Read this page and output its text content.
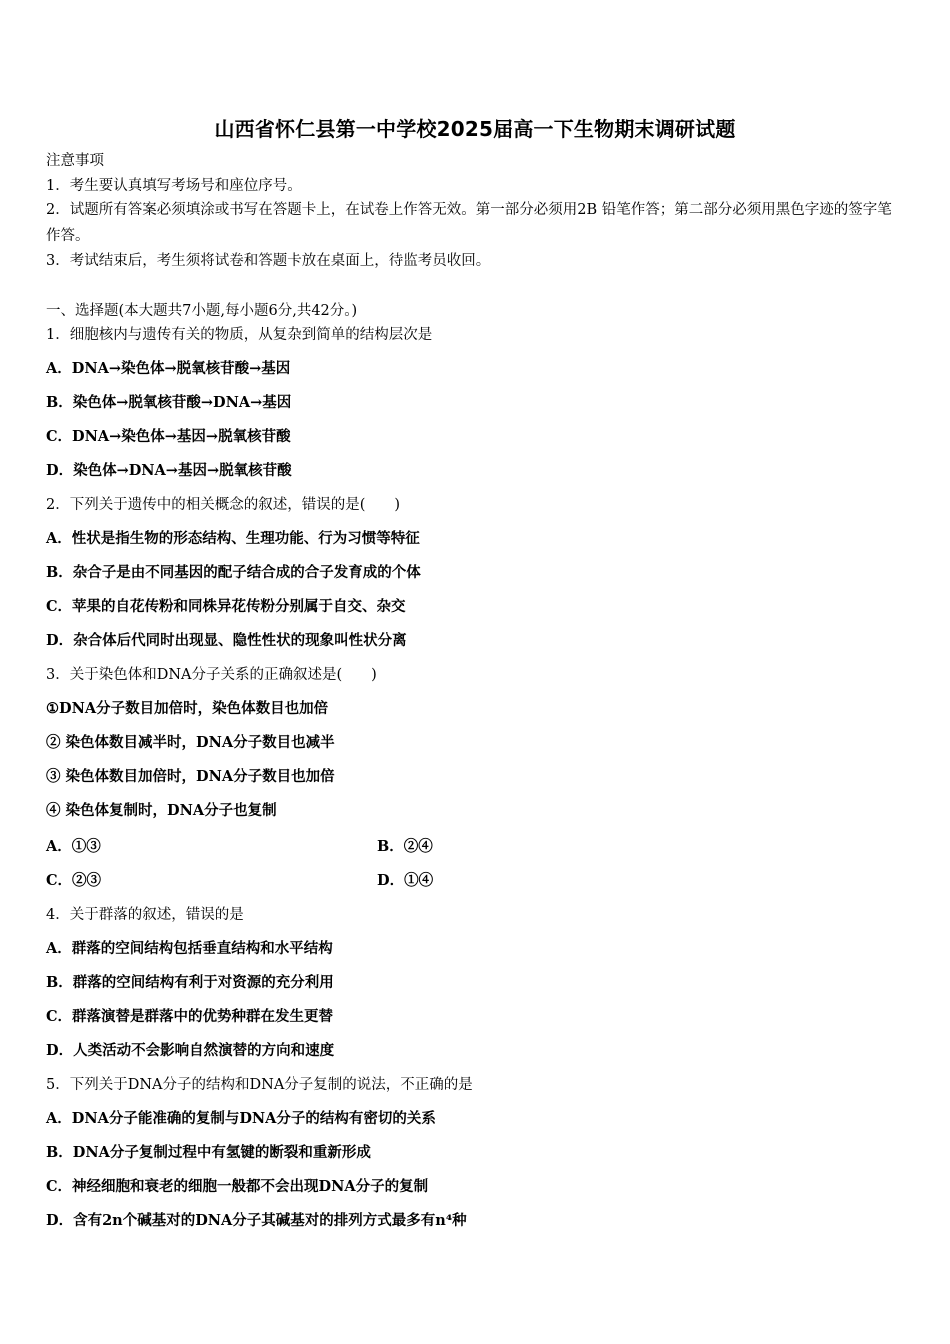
山西省怀仁县第一中学校2025届高一下生物期末调研试题
注意事项
1．考生要认真填写考场号和座位序号。
2．试题所有答案必须填涂或书写在答题卡上，在试卷上作答无效。第一部分必须用2B 铅笔作答；第二部分必须用黑色字迹的签字笔作答。
3．考试结束后，考生须将试卷和答题卡放在桌面上，待监考员收回。
一、选择题(本大题共7小题,每小题6分,共42分。)
1．细胞核内与遗传有关的物质，从复杂到简单的结构层次是
A．DNA→染色体→脱氧核苷酸→基因
B．染色体→脱氧核苷酸→DNA→基因
C．DNA→染色体→基因→脱氧核苷酸
D．染色体→DNA→基因→脱氧核苷酸
2．下列关于遗传中的相关概念的叙述，错误的是(　　)
A．性状是指生物的形态结构、生理功能、行为习惯等特征
B．杂合子是由不同基因的配子结合成的合子发育成的个体
C．苹果的自花传粉和同株异花传粉分别属于自交、杂交
D．杂合体后代同时出现显、隐性性状的现象叫性状分离
3．关于染色体和DNA分子关系的正确叙述是(　　)
①DNA分子数目加倍时，染色体数目也加倍
② 染色体数目减半时，DNA分子数目也减半
③ 染色体数目加倍时，DNA分子数目也加倍
④ 染色体复制时，DNA分子也复制
A．①③	B．②④
C．②③	D．①④
4．关于群落的叙述，错误的是
A．群落的空间结构包括垂直结构和水平结构
B．群落的空间结构有利于对资源的充分利用
C．群落演替是群落中的优势种群在发生更替
D．人类活动不会影响自然演替的方向和速度
5．下列关于DNA分子的结构和DNA分子复制的说法，不正确的是
A．DNA分子能准确的复制与DNA分子的结构有密切的关系
B．DNA分子复制过程中有氢键的断裂和重新形成
C．神经细胞和衰老的细胞一般都不会出现DNA分子的复制
D．含有2n个碱基对的DNA分子其碱基对的排列方式最多有n⁴种
